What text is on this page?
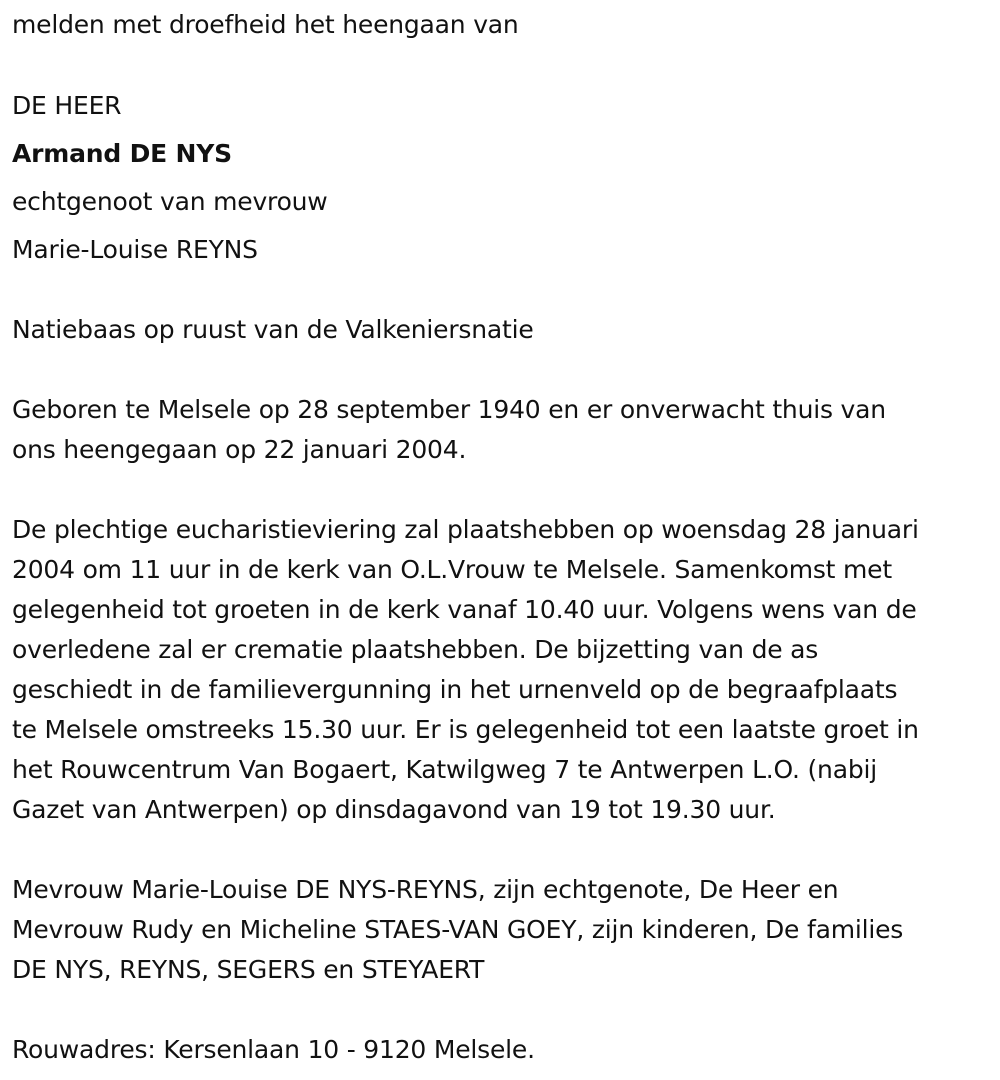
melden met droefheid het heengaan van
DE HEER
Armand DE NYS
echtgenoot van mevrouw
Marie-Louise REYNS
Natiebaas op ruust van de Valkeniersnatie
Geboren te Melsele op 28 september 1940 en er onverwacht thuis van
ons heengegaan op 22 januari 2004.
De plechtige eucharistieviering zal plaatshebben op woensdag 28 januari
2004 om 11 uur in de kerk van O.L.Vrouw te Melsele. Samenkomst met
gelegenheid tot groeten in de kerk vanaf 10.40 uur. Volgens wens van de
overledene zal er crematie plaatshebben. De bijzetting van de as
geschiedt in de familievergunning in het urnenveld op de begraafplaats
te Melsele omstreeks 15.30 uur. Er is gelegenheid tot een laatste groet in
het Rouwcentrum Van Bogaert, Katwilgweg 7 te Antwerpen L.O. (nabij
Gazet van Antwerpen) op dinsdagavond van 19 tot 19.30 uur.
Mevrouw Marie-Louise DE NYS-REYNS, zijn echtgenote, De Heer en
Mevrouw Rudy en Micheline STAES-VAN GOEY, zijn kinderen, De families
DE NYS, REYNS, SEGERS en STEYAERT
Rouwadres: Kersenlaan 10 - 9120 Melsele.
